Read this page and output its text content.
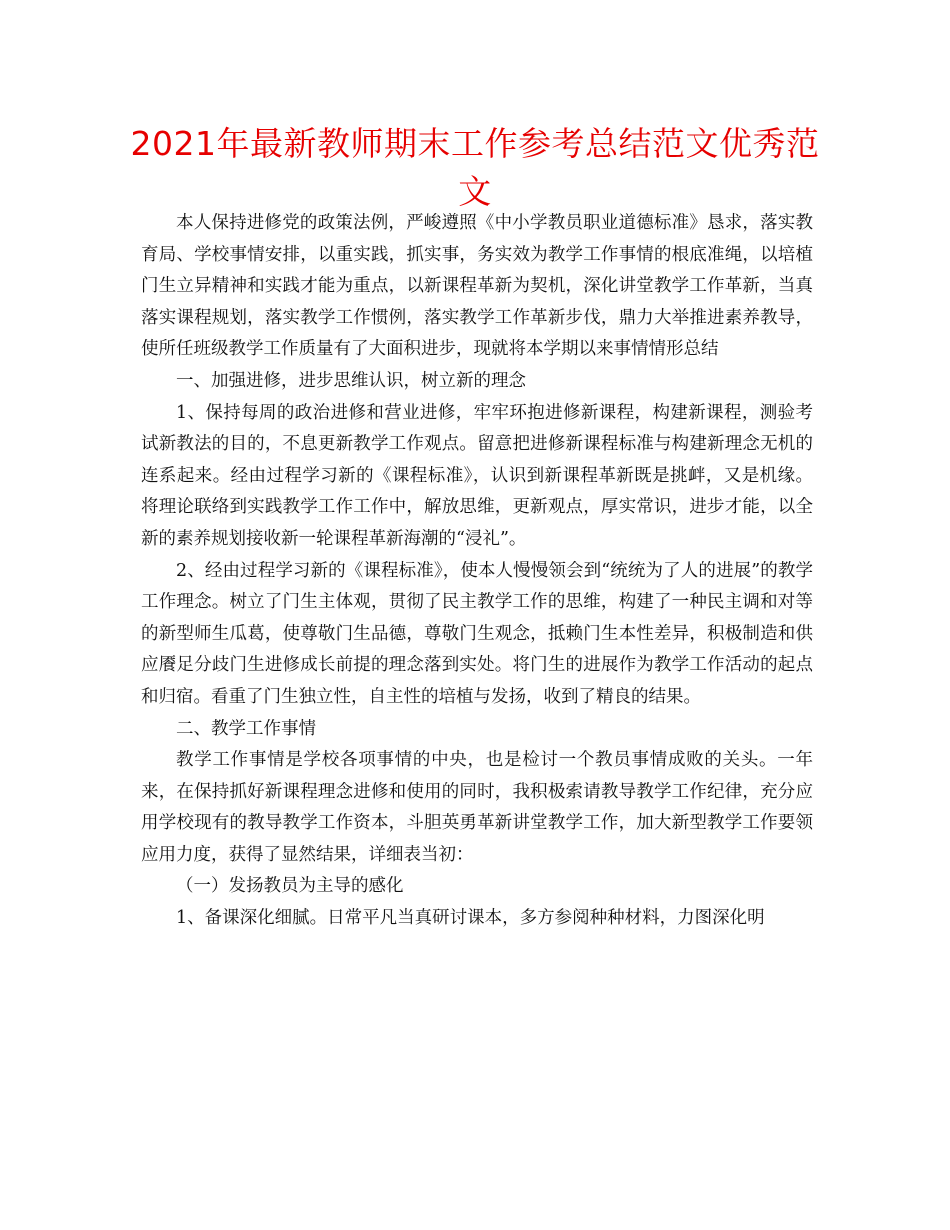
2021年最新教师期末工作参考总结范文优秀范文

本人保持进修党的政策法例，严峻遵照《中小学教员职业道德标准》恳求，落实教育局、学校事情安排，以重实践，抓实事，务实效为教学工作事情的根底准绳，以培植门生立异精神和实践才能为重点，以新课程革新为契机，深化讲堂教学工作革新，当真落实课程规划，落实教学工作惯例，落实教学工作革新步伐，鼎力大举推进素养教导，使所任班级教学工作质量有了大面积进步，现就将本学期以来事情情形总结

一、加强进修，进步思维认识，树立新的理念

1、保持每周的政治进修和营业进修，牢牢环抱进修新课程，构建新课程，测验考试新教法的目的，不息更新教学工作观点。留意把进修新课程标准与构建新理念无机的连系起来。经由过程学习新的《课程标准》，认识到新课程革新既是挑衅，又是机缘。将理论联络到实践教学工作工作中，解放思维，更新观点，厚实常识，进步才能，以全新的素养规划接收新一轮课程革新海潮的“浸礼”。

2、经由过程学习新的《课程标准》，使本人慢慢领会到“统统为了人的进展”的教学工作理念。树立了门生主体观，贯彻了民主教学工作的思维，构建了一种民主调和对等的新型师生瓜葛，使尊敬门生品德，尊敬门生观念，抵赖门生本性差异，积极制造和供应餍足分歧门生进修成长前提的理念落到实处。将门生的进展作为教学工作活动的起点和归宿。看重了门生独立性，自主性的培植与发扬，收到了精良的结果。

二、教学工作事情

教学工作事情是学校各项事情的中央，也是检讨一个教员事情成败的关头。一年来，在保持抓好新课程理念进修和使用的同时，我积极索请教导教学工作纪律，充分应用学校现有的教导教学工作资本，斗胆英勇革新讲堂教学工作，加大新型教学工作要领应用力度，获得了显然结果，详细表当初：

（一）发扬教员为主导的感化

1、备课深化细腻。日常平凡当真研讨课本，多方参阅种种材料，力图深化明
